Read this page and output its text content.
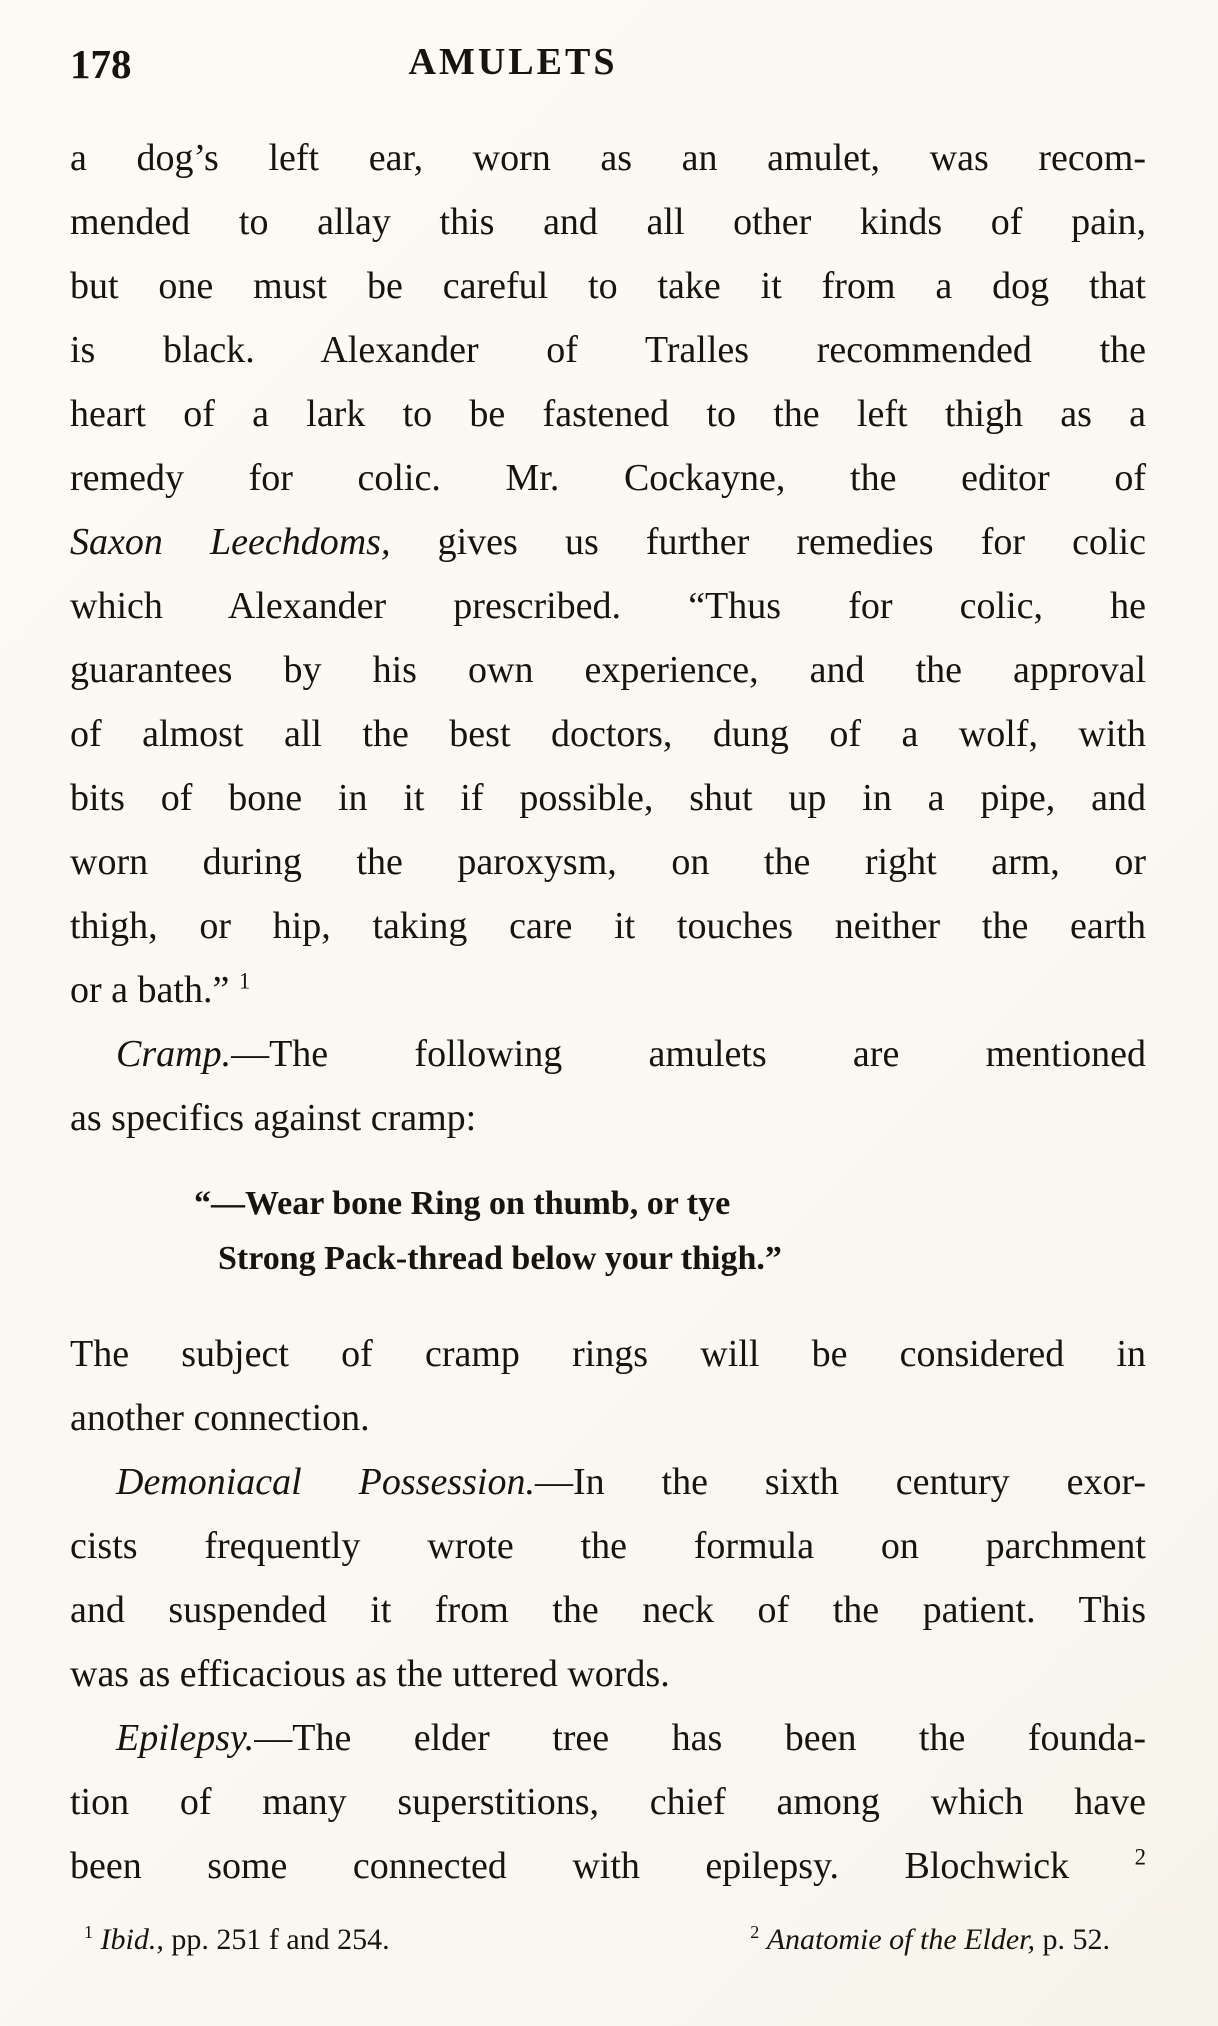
178	AMULETS
a dog’s left ear, worn as an amulet, was recom-
mended to allay this and all other kinds of pain,
but one must be careful to take it from a dog that
is black. Alexander of Tralles recommended the
heart of a lark to be fastened to the left thigh as a
remedy for colic. Mr. Cockayne, the editor of
Saxon Leechdoms, gives us further remedies for colic
which Alexander prescribed. “Thus for colic, he
guarantees by his own experience, and the approval
of almost all the best doctors, dung of a wolf, with
bits of bone in it if possible, shut up in a pipe, and
worn during the paroxysm, on the right arm, or
thigh, or hip, taking care it touches neither the earth
or a bath.” $^1$
Cramp.—The following amulets are mentioned
as specifics against cramp:
“—Wear bone Ring on thumb, or tye
Strong Pack-thread below your thigh.”
The subject of cramp rings will be considered in
another connection.
Demoniacal Possession.—In the sixth century exor-
cists frequently wrote the formula on parchment
and suspended it from the neck of the patient. This
was as efficacious as the uttered words.
Epilepsy.—The elder tree has been the founda-
tion of many superstitions, chief among which have
been some connected with epilepsy. Blochwick $^2$
$^1$ Ibid., pp. 251 f and 254.	$^2$ Anatomie of the Elder, p. 52.
